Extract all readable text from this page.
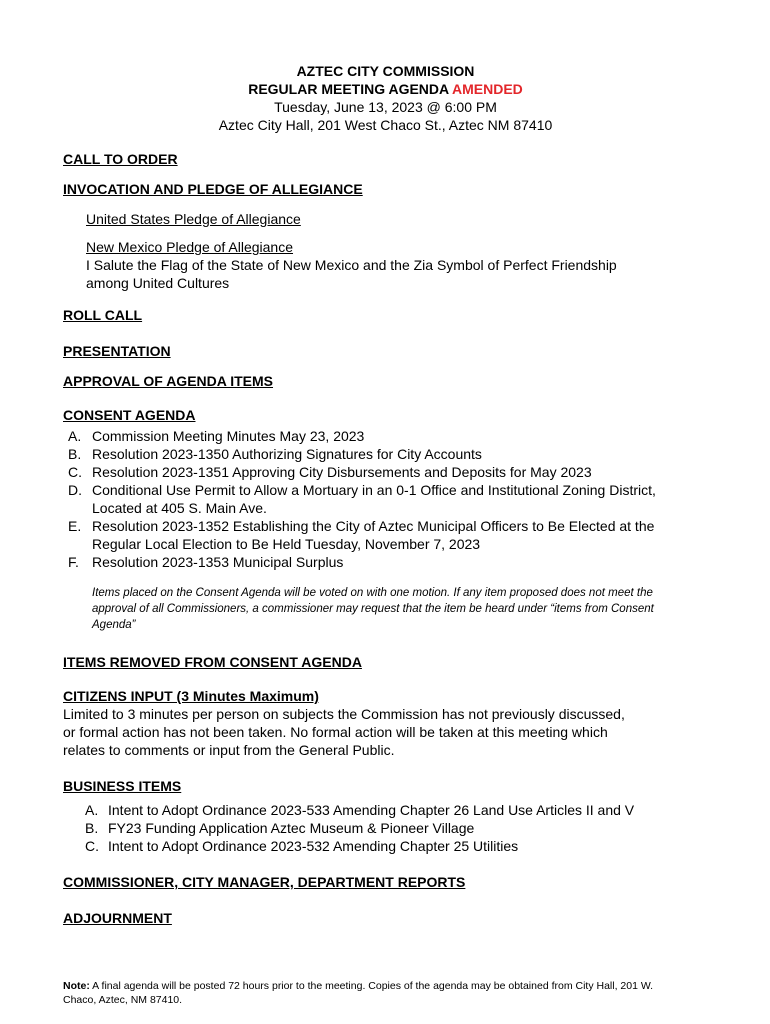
AZTEC CITY COMMISSION
REGULAR MEETING AGENDA AMENDED
Tuesday, June 13, 2023 @ 6:00 PM
Aztec City Hall, 201 West Chaco St., Aztec NM 87410
CALL TO ORDER
INVOCATION AND PLEDGE OF ALLEGIANCE
United States Pledge of Allegiance
New Mexico Pledge of Allegiance
I Salute the Flag of the State of New Mexico and the Zia Symbol of Perfect Friendship
among United Cultures
ROLL CALL
PRESENTATION
APPROVAL OF AGENDA ITEMS
CONSENT AGENDA
A. Commission Meeting Minutes May 23, 2023
B. Resolution 2023-1350 Authorizing Signatures for City Accounts
C. Resolution 2023-1351 Approving City Disbursements and Deposits for May 2023
D. Conditional Use Permit to Allow a Mortuary in an 0-1 Office and Institutional Zoning District,
Located at 405 S. Main Ave.
E. Resolution 2023-1352 Establishing the City of Aztec Municipal Officers to Be Elected at the
Regular Local Election to Be Held Tuesday, November 7, 2023
F. Resolution 2023-1353 Municipal Surplus
Items placed on the Consent Agenda will be voted on with one motion. If any item proposed does not meet the
approval of all Commissioners, a commissioner may request that the item be heard under “items from Consent
Agenda”
ITEMS REMOVED FROM CONSENT AGENDA
CITIZENS INPUT (3 Minutes Maximum)
Limited to 3 minutes per person on subjects the Commission has not previously discussed,
or formal action has not been taken. No formal action will be taken at this meeting which
relates to comments or input from the General Public.
BUSINESS ITEMS
A. Intent to Adopt Ordinance 2023-533 Amending Chapter 26 Land Use Articles II and V
B. FY23 Funding Application Aztec Museum & Pioneer Village
C. Intent to Adopt Ordinance 2023-532 Amending Chapter 25 Utilities
COMMISSIONER, CITY MANAGER, DEPARTMENT REPORTS
ADJOURNMENT
Note: A final agenda will be posted 72 hours prior to the meeting. Copies of the agenda may be obtained from City Hall, 201 W.
Chaco, Aztec, NM 87410.
